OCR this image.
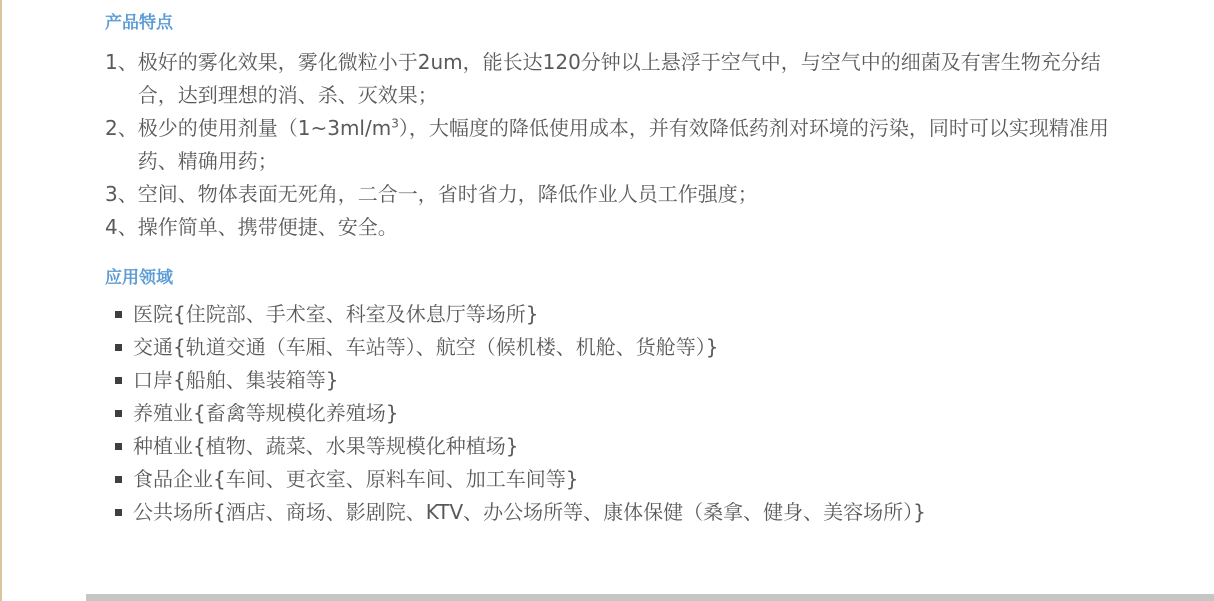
产品特点
1、 极好的雾化效果，雾化微粒小于2um，能长达120分钟以上悬浮于空气中，与空气中的细菌及有害生物充分结合，达到理想的消、杀、灭效果；
2、 极少的使用剂量$(1\sim 3ml/m^3)$，大幅度的降低使用成本，并有效降低药剂对环境的污染，同时可以实现精准用药、精确用药；
3、 空间、物体表面无死角，二合一，省时省力，降低作业人员工作强度；
4、 操作简单、携带便捷、安全。
应用领域
医院{住院部、手术室、科室及休息厅等场所}
交通{轨道交通（车厢、车站等）、航空（候机楼、机舱、货舱等）}
口岸{船舶、集装箱等}
养殖业{畜禽等规模化养殖场}
种植业{植物、蔬菜、水果等规模化种植场}
食品企业{车间、更衣室、原料车间、加工车间等}
公共场所{酒店、商场、影剧院、KTV、办公场所等、康体保健（桑拿、健身、美容场所）}
